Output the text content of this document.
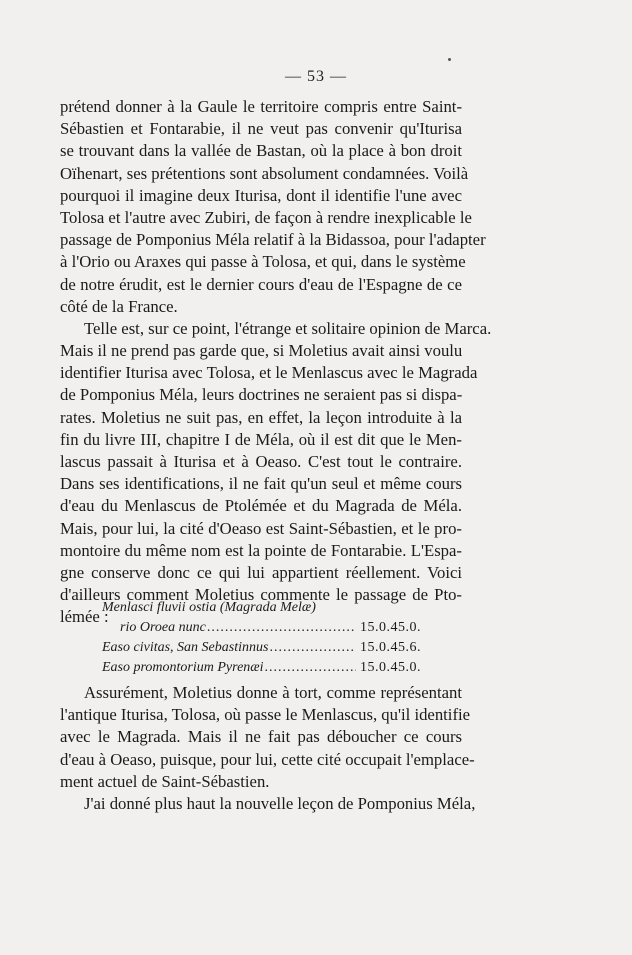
— 53 —
prétend donner à la Gaule le territoire compris entre Saint-
Sébastien et Fontarabie, il ne veut pas convenir qu'Iturisa
se trouvant dans la vallée de Bastan, où la place à bon droit
Oïhenart, ses prétentions sont absolument condamnées. Voilà
pourquoi il imagine deux Iturisa, dont il identifie l'une avec
Tolosa et l'autre avec Zubiri, de façon à rendre inexplicable le
passage de Pomponius Méla relatif à la Bidassoa, pour l'adapter
à l'Orio ou Araxes qui passe à Tolosa, et qui, dans le système
de notre érudit, est le dernier cours d'eau de l'Espagne de ce
côté de la France.
Telle est, sur ce point, l'étrange et solitaire opinion de Marca.
Mais il ne prend pas garde que, si Moletius avait ainsi voulu
identifier Iturisa avec Tolosa, et le Menlascus avec le Magrada
de Pomponius Méla, leurs doctrines ne seraient pas si dispa-
rates. Moletius ne suit pas, en effet, la leçon introduite à la
fin du livre III, chapitre I de Méla, où il est dit que le Men-
lascus passait à Iturisa et à Oeaso. C'est tout le contraire.
Dans ses identifications, il ne fait qu'un seul et même cours
d'eau du Menlascus de Ptolémée et du Magrada de Méla.
Mais, pour lui, la cité d'Oeaso est Saint-Sébastien, et le pro-
montoire du même nom est la pointe de Fontarabie. L'Espa-
gne conserve donc ce qui lui appartient réellement. Voici
d'ailleurs comment Moletius commente le passage de Pto-
lémée :
Menlasci fluvii ostia (Magrada Melæ)
rio Oroea nunc .....	15.0.45.0.
Easo civitas, San Sebastinnus .....	15.0.45.6.
Easo promontorium Pyrenæi .....	15.0.45.0.
Assurément, Moletius donne à tort, comme représentant
l'antique Iturisa, Tolosa, où passe le Menlascus, qu'il identifie
avec le Magrada. Mais il ne fait pas déboucher ce cours
d'eau à Oeaso, puisque, pour lui, cette cité occupait l'emplace-
ment actuel de Saint-Sébastien.
J'ai donné plus haut la nouvelle leçon de Pomponius Méla,
